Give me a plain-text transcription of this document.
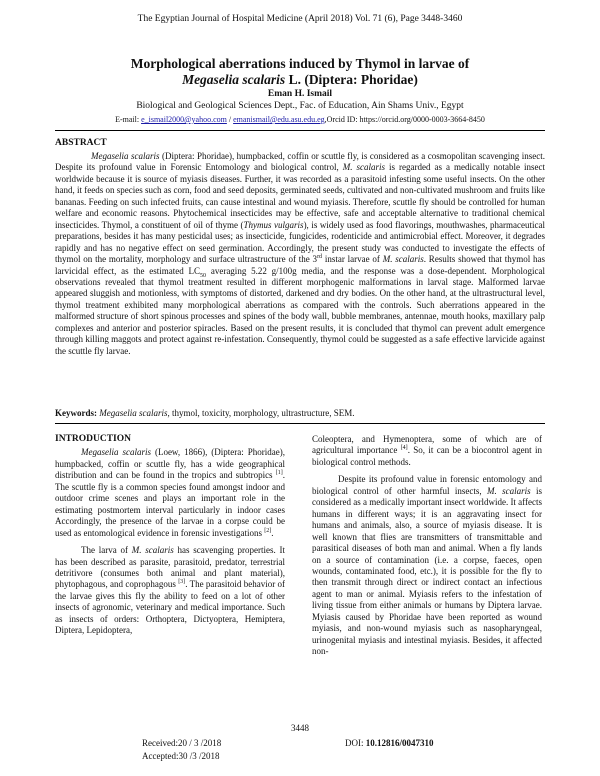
The Egyptian Journal of Hospital Medicine (April 2018) Vol. 71 (6), Page 3448-3460
Morphological aberrations induced by Thymol in larvae of
Megaselia scalaris L. (Diptera: Phoridae)
Eman H. Ismail
Biological and Geological Sciences Dept., Fac. of Education, Ain Shams Univ., Egypt
E-mail: e_ismail2000@yahoo.com / emanismail@edu.asu.edu.eg,Orcid ID: https://orcid.org/0000-0003-3664-8450
ABSTRACT

Megaselia scalaris (Diptera: Phoridae), humpbacked, coffin or scuttle fly, is considered as a cosmopolitan scavenging insect. Despite its profound value in Forensic Entomology and biological control, M. scalaris is regarded as a medically notable insect worldwide because it is source of myiasis diseases. Further, it was recorded as a parasitoid infesting some useful insects. On the other hand, it feeds on species such as corn, food and seed deposits, germinated seeds, cultivated and non-cultivated mushroom and fruits like bananas. Feeding on such infected fruits, can cause intestinal and wound myiasis. Therefore, scuttle fly should be controlled for human welfare and economic reasons. Phytochemical insecticides may be effective, safe and acceptable alternative to traditional chemical insecticides. Thymol, a constituent of oil of thyme (Thymus vulgaris), is widely used as food flavorings, mouthwashes, pharmaceutical preparations, besides it has many pesticidal uses; as insecticide, fungicides, rodenticide and antimicrobial effect. Moreover, it degrades rapidly and has no negative effect on seed germination. Accordingly, the present study was conducted to investigate the effects of thymol on the mortality, morphology and surface ultrastructure of the 3rd instar larvae of M. scalaris. Results showed that thymol has larvicidal effect, as the estimated $LC_{50}$ averaging 5.22 g/100g media, and the response was a dose-dependent. Morphological observations revealed that thymol treatment resulted in different morphogenic malformations in larval stage. Malformed larvae appeared sluggish and motionless, with symptoms of distorted, darkened and dry bodies. On the other hand, at the ultrastructural level, thymol treatment exhibited many morphological aberrations as compared with the controls. Such aberrations appeared in the malformed structure of short spinous processes and spines of the body wall, bubble membranes, antennae, mouth hooks, maxillary palp complexes and anterior and posterior spiracles. Based on the present results, it is concluded that thymol can prevent adult emergence through killing maggots and protect against re-infestation. Consequently, thymol could be suggested as a safe effective larvicide against the scuttle fly larvae.

Keywords: Megaselia scalaris, thymol, toxicity, morphology, ultrastructure, SEM.
INTRODUCTION

Megaselia scalaris (Loew, 1866), (Diptera: Phoridae), humpbacked, coffin or scuttle fly, has a wide geographical distribution and can be found in the tropics and subtropics [1]. The scuttle fly is a common species found amongst indoor and outdoor crime scenes and plays an important role in the estimating postmortem interval particularly in indoor cases Accordingly, the presence of the larvae in a corpse could be used as entomological evidence in forensic investigations [2].

The larva of M. scalaris has scavenging properties. It has been described as parasite, parasitoid, predator, terrestrial detritivore (consumes both animal and plant material), phytophagous, and coprophagous [3]. The parasitoid behavior of the larvae gives this fly the ability to feed on a lot of other insects of agronomic, veterinary and medical importance. Such as insects of orders: Orthoptera, Dictyoptera, Hemiptera, Diptera, Lepidoptera,

Coleoptera, and Hymenoptera, some of which are of agricultural importance [4]. So, it can be a biocontrol agent in biological control methods.

Despite its profound value in forensic entomology and biological control of other harmful insects, M. scalaris is considered as a medically important insect worldwide. It affects humans in different ways; it is an aggravating insect for humans and animals, also, a source of myiasis disease. It is well known that flies are transmitters of transmittable and parasitical diseases of both man and animal. When a fly lands on a source of contamination (i.e. a corpse, faeces, open wounds, contaminated food, etc.), it is possible for the fly to then transmit through direct or indirect contact an infectious agent to man or animal. Myiasis refers to the infestation of living tissue from either animals or humans by Diptera larvae. Myiasis caused by Phoridae have been reported as wound myiasis, and non-wound myiasis such as nasopharyngeal, urinogenital myiasis and intestinal myiasis. Besides, it affected non-

3448
Received:20 / 3 /2018
Accepted:30 /3 /2018
DOI: 10.12816/0047310
